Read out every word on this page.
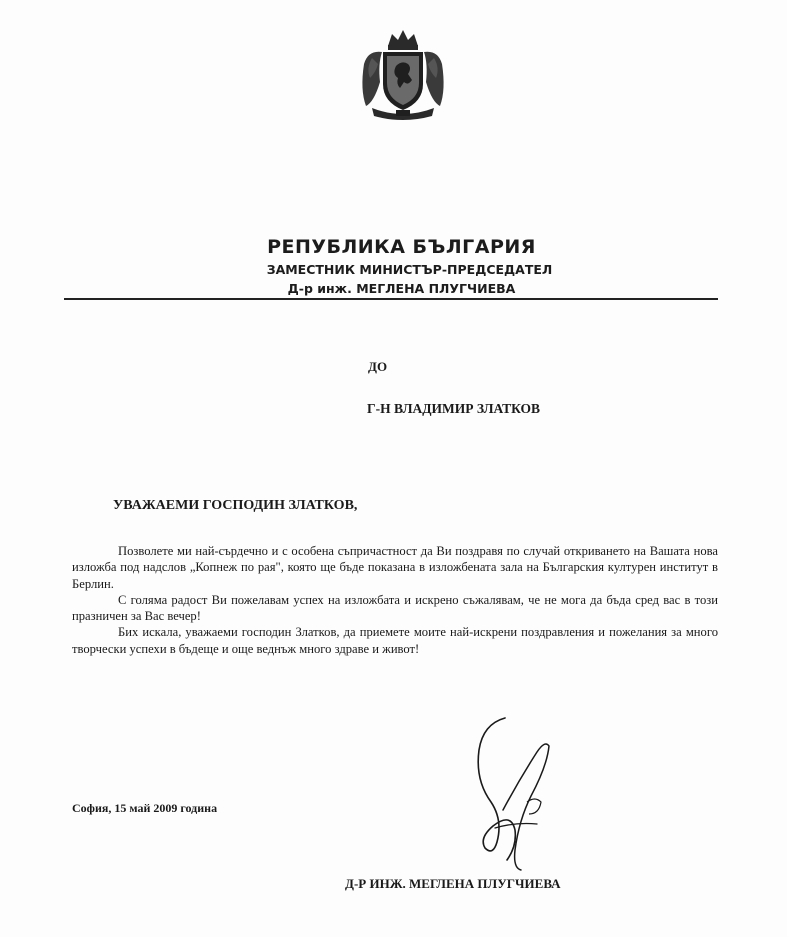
РЕПУБЛИКА БЪЛГАРИЯ
ЗАМЕСТНИК МИНИСТЪР-ПРЕДСЕДАТЕЛ
Д-р инж. МЕГЛЕНА ПЛУГЧИЕВА
ДО
Г-Н ВЛАДИМИР ЗЛАТКОВ
УВАЖАЕМИ ГОСПОДИН ЗЛАТКОВ,

Позволете ми най-сърдечно и с особена съпричастност да Ви поздравя по случай откриването на Вашата нова изложба под надслов „Копнеж по рая", която ще бъде показана в изложбената зала на Българския културен институт в Берлин.

С голяма радост Ви пожелавам успех на изложбата и искрено съжалявам, че не мога да бъда сред вас в този празничен за Вас вечер!

Бих искала, уважаеми господин Златков, да приемете моите най-искрени поздравления и пожелания за много творчески успехи в бъдеще и още веднъж много здраве и живот!

София, 15 май 2009 година
Д-Р ИНЖ. МЕГЛЕНА ПЛУГЧИЕВА
